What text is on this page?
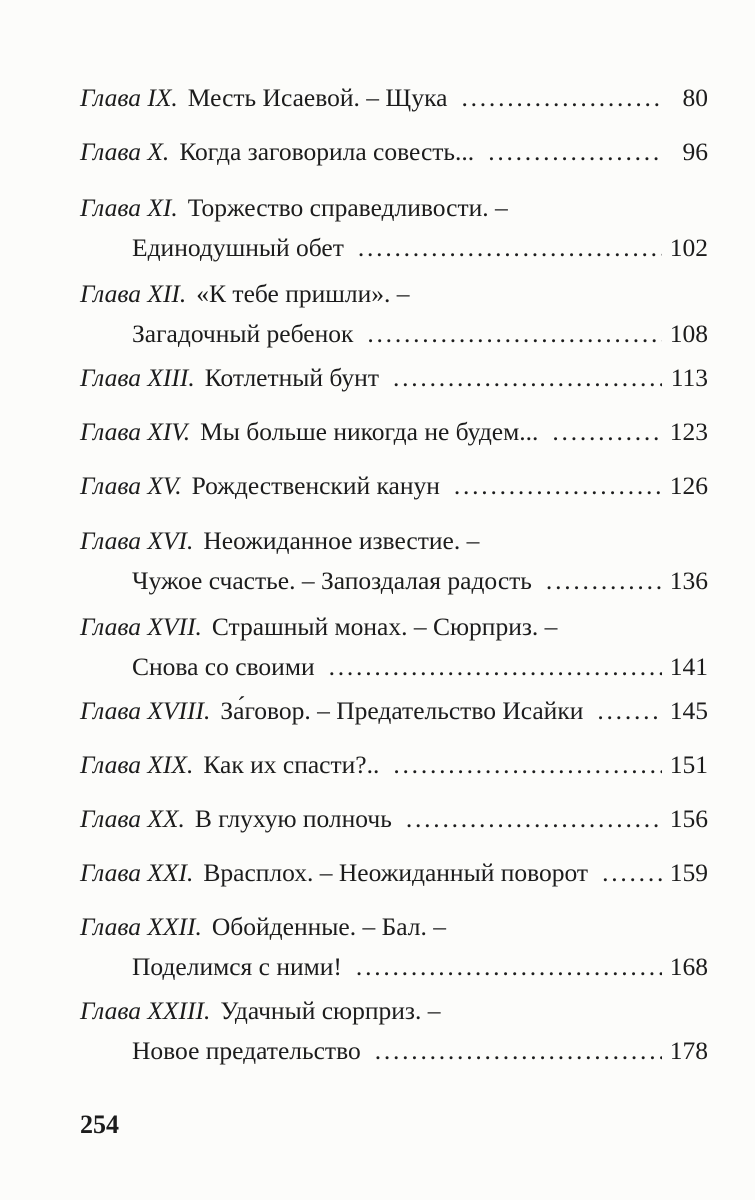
Глава IX. Месть Исаевой. – Щука . . .	80
Глава X. Когда заговорила совесть... . . .	96
Глава XI. Торжество справедливости. –
Единодушный обет . . .	102
Глава XII. «К тебе пришли». –
Загадочный ребенок . . .	108
Глава XIII. Котлетный бунт . . .	113
Глава XIV. Мы больше никогда не будем... . . .	123
Глава XV. Рождественский канун . . .	126
Глава XVI. Неожиданное известие. –
Чужое счастье. – Запоздалая радость . . .	136
Глава XVII. Страшный монах. – Сюрприз. –
Снова со своими . . .	141
Глава XVIII. За́говор. – Предательство Исайки . . .	145
Глава XIX. Как их спасти?.. . . .	151
Глава XX. В глухую полночь . . .	156
Глава XXI. Врасплох. – Неожиданный поворот . . .	159
Глава XXII. Обойденные. – Бал. –
Поделимся с ними! . . .	168
Глава XXIII. Удачный сюрприз. –
Новое предательство . . .	178
254
